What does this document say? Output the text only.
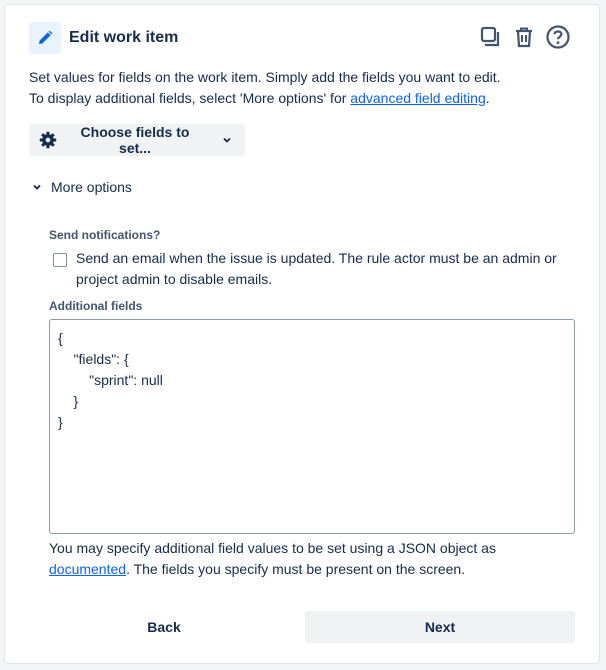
Edit work item
Set values for fields on the work item. Simply add the fields you want to edit.
To display additional fields, select 'More options' for advanced field editing.
Choose fields to set...
More options
Send notifications?
Send an email when the issue is updated. The rule actor must be an admin or project admin to disable emails.
Additional fields
{
"fields": {
"sprint": null
}
}
You may specify additional field values to be set using a JSON object as documented. The fields you specify must be present on the screen.
Back	Next
